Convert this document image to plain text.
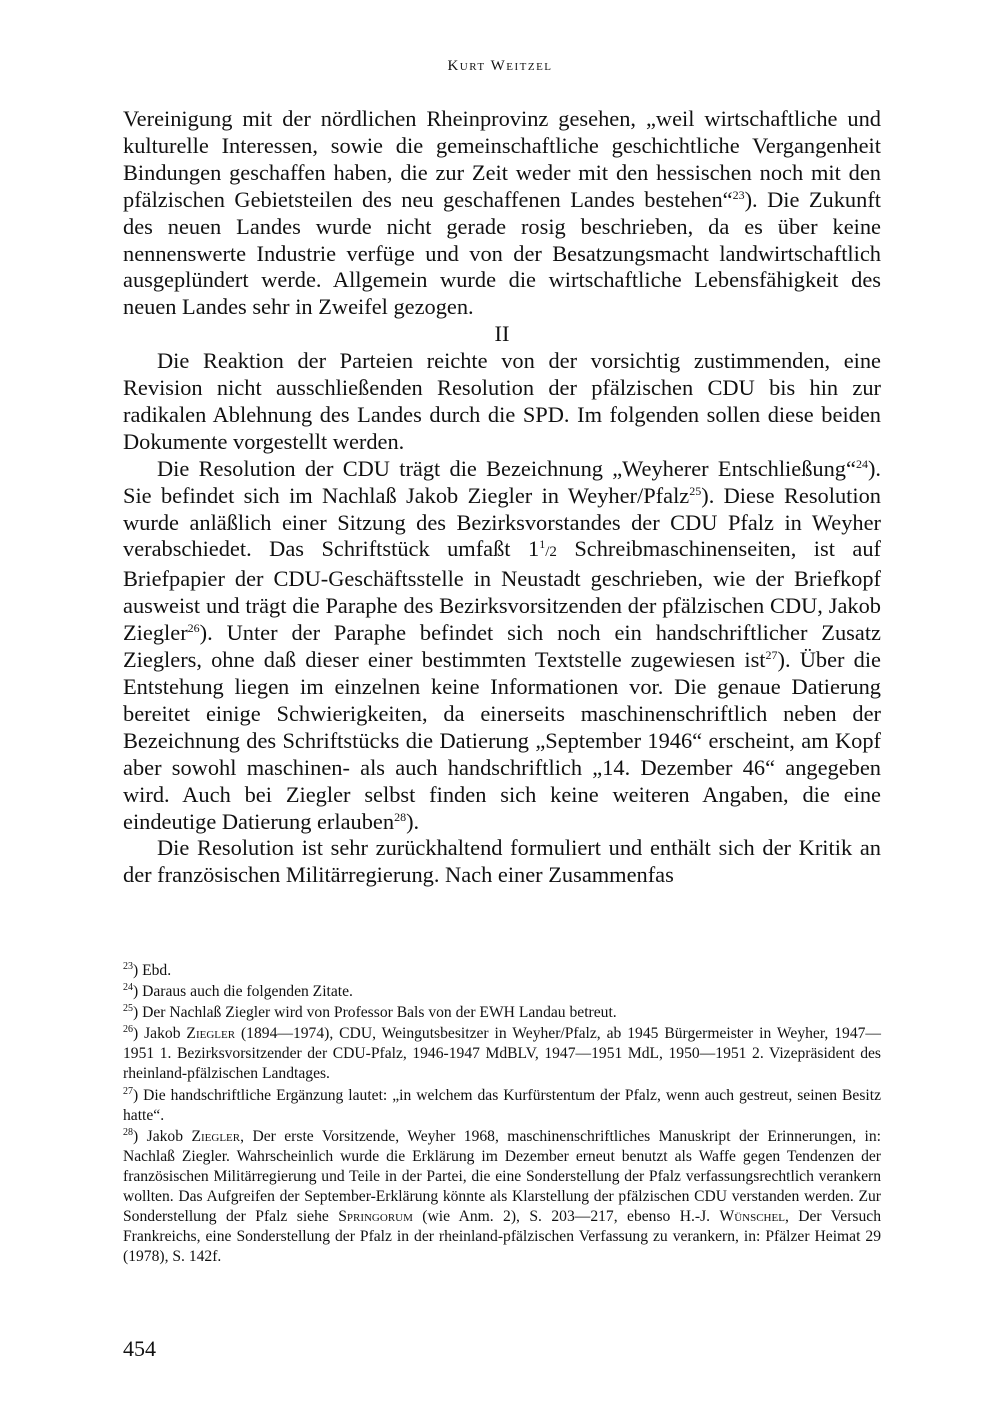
Kurt Weitzel

Vereinigung mit der nördlichen Rheinprovinz gesehen, „weil wirtschaftliche und kulturelle Interessen, sowie die gemeinschaftliche geschichtliche Vergangenheit Bindungen geschaffen haben, die zur Zeit weder mit den hessischen noch mit den pfälzischen Gebietsteilen des neu geschaffenen Landes bestehen“$^{23}$). Die Zukunft des neuen Landes wurde nicht gerade rosig beschrieben, da es über keine nennenswerte Industrie verfüge und von der Besatzungsmacht landwirtschaftlich ausgeplündert werde. Allgemein wurde die wirtschaftliche Lebensfähigkeit des neuen Landes sehr in Zweifel gezogen.

II

Die Reaktion der Parteien reichte von der vorsichtig zustimmenden, eine Revision nicht ausschließenden Resolution der pfälzischen CDU bis hin zur radikalen Ablehnung des Landes durch die SPD. Im folgenden sollen diese beiden Dokumente vorgestellt werden.

Die Resolution der CDU trägt die Bezeichnung „Weyherer Entschließung“$^{24}$). Sie befindet sich im Nachlaß Jakob Ziegler in Weyher/Pfalz$^{25}$). Diese Resolution wurde anläßlich einer Sitzung des Bezirksvorstandes der CDU Pfalz in Weyher verabschiedet. Das Schriftstück umfaßt $1^1/2$ Schreibmaschinenseiten, ist auf Briefpapier der CDU-Geschäftsstelle in Neustadt geschrieben, wie der Briefkopf ausweist und trägt die Paraphe des Bezirksvorsitzenden der pfälzischen CDU, Jakob Ziegler$^{26}$). Unter der Paraphe befindet sich noch ein handschriftlicher Zusatz Zieglers, ohne daß dieser einer bestimmten Textstelle zugewiesen ist$^{27}$). Über die Entstehung liegen im einzelnen keine Informationen vor. Die genaue Datierung bereitet einige Schwierigkeiten, da einerseits maschinenschriftlich neben der Bezeichnung des Schriftstücks die Datierung „September 1946“ erscheint, am Kopf aber sowohl maschinen- als auch handschriftlich „14. Dezember 46“ angegeben wird. Auch bei Ziegler selbst finden sich keine weiteren Angaben, die eine eindeutige Datierung erlauben$^{28}$).

Die Resolution ist sehr zurückhaltend formuliert und enthält sich der Kritik an der französischen Militärregierung. Nach einer Zusammenfas

$^{23}$) Ebd.

$^{24}$) Daraus auch die folgenden Zitate.

$^{25}$) Der Nachlaß Ziegler wird von Professor Bals von der EWH Landau betreut.

$^{26}$) Jakob Ziegler (1894—1974), CDU, Weingutsbesitzer in Weyher/Pfalz, ab 1945 Bürgermeister in Weyher, 1947—1951 1. Bezirksvorsitzender der CDU-Pfalz, 1946-1947 MdBLV, 1947—1951 MdL, 1950—1951 2. Vizepräsident des rheinland-pfälzischen Landtages.

$^{27}$) Die handschriftliche Ergänzung lautet: „in welchem das Kurfürstentum der Pfalz, wenn auch gestreut, seinen Besitz hatte“.

$^{28}$) Jakob Ziegler, Der erste Vorsitzende, Weyher 1968, maschinenschriftliches Manuskript der Erinnerungen, in: Nachlaß Ziegler. Wahrscheinlich wurde die Erklärung im Dezember erneut benutzt als Waffe gegen Tendenzen der französischen Militärregierung und Teile in der Partei, die eine Sonderstellung der Pfalz verfassungsrechtlich verankern wollten. Das Aufgreifen der September-Erklärung könnte als Klarstellung der pfälzischen CDU verstanden werden. Zur Sonderstellung der Pfalz siehe Springorum (wie Anm. 2), S. 203—217, ebenso H.-J. Wünschel, Der Versuch Frankreichs, eine Sonderstellung der Pfalz in der rheinland-pfälzischen Verfassung zu verankern, in: Pfälzer Heimat 29 (1978), S. 142f.

454
